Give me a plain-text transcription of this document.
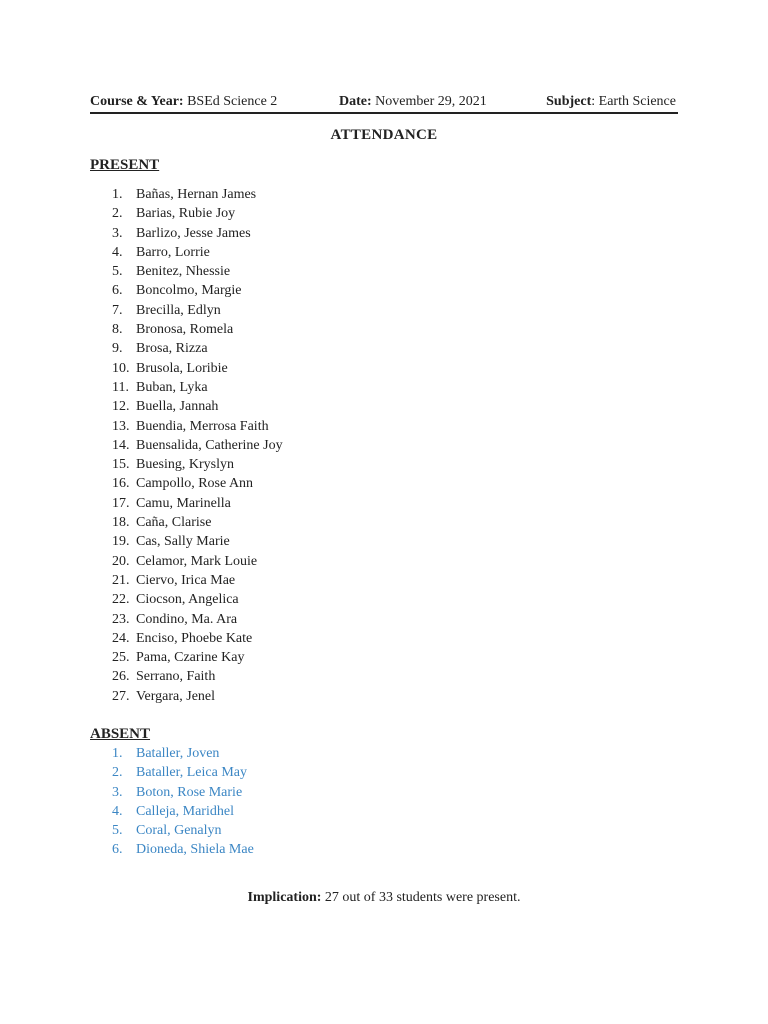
Course & Year: BSEd Science 2	Date: November 29, 2021	Subject: Earth Science
ATTENDANCE
PRESENT
1. Bañas, Hernan James
2. Barias, Rubie Joy
3. Barlizo, Jesse James
4. Barro, Lorrie
5. Benitez, Nhessie
6. Boncolmo, Margie
7. Brecilla, Edlyn
8. Bronosa, Romela
9. Brosa, Rizza
10. Brusola, Loribie
11. Buban, Lyka
12. Buella, Jannah
13. Buendia, Merrosa Faith
14. Buensalida, Catherine Joy
15. Buesing, Kryslyn
16. Campollo, Rose Ann
17. Camu, Marinella
18. Caña, Clarise
19. Cas, Sally Marie
20. Celamor, Mark Louie
21. Ciervo, Irica Mae
22. Ciocson, Angelica
23. Condino, Ma. Ara
24. Enciso, Phoebe Kate
25. Pama, Czarine Kay
26. Serrano, Faith
27. Vergara, Jenel
ABSENT
1. Bataller, Joven
2. Bataller, Leica May
3. Boton, Rose Marie
4. Calleja, Maridhel
5. Coral, Genalyn
6. Dioneda, Shiela Mae
Implication: 27 out of 33 students were present.
